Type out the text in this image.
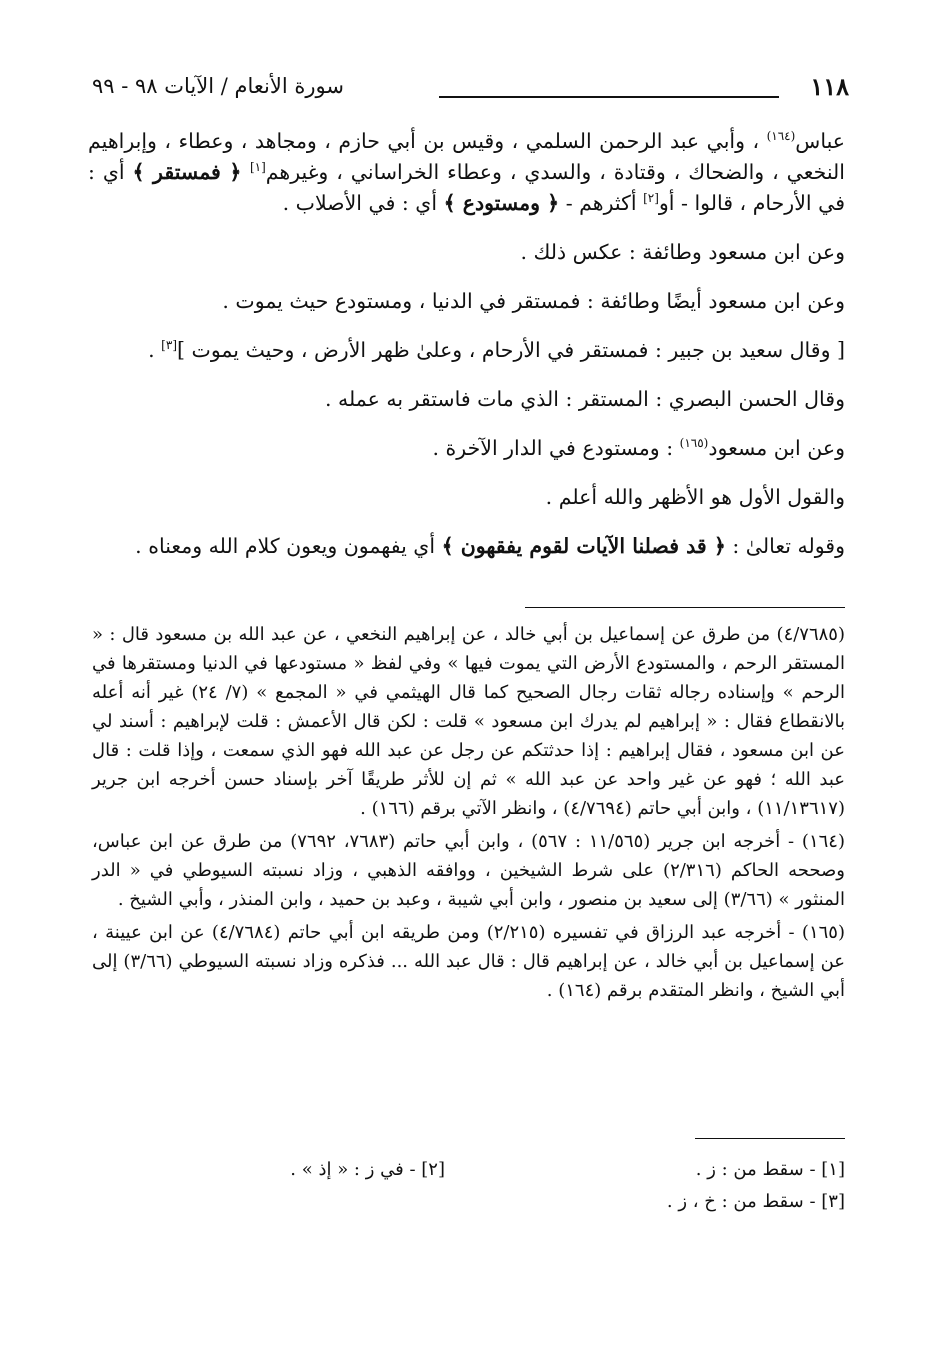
١١٨
سورة الأنعام / الآيات ٩٨ - ٩٩

عباس$^{(١٦٤)}$ ، وأبي عبد الرحمن السلمي ، وقيس بن أبي حازم ، ومجاهد ، وعطاء ، وإبراهيم النخعي ، والضحاك ، وقتادة ، والسدي ، وعطاء الخراساني ، وغيرهم[١] ﴿ فمستقر ﴾ أي : في الأرحام ، قالوا - أو[٢] أكثرهم - ﴿ ومستودع ﴾ أي : في الأصلاب .

وعن ابن مسعود وطائفة : عكس ذلك .

وعن ابن مسعود أيضًا وطائفة : فمستقر في الدنيا ، ومستودع حيث يموت .

[ وقال سعيد بن جبير : فمستقر في الأرحام ، وعلىٰ ظهر الأرض ، وحيث يموت ][٣] .

وقال الحسن البصري : المستقر : الذي مات فاستقر به عمله .

وعن ابن مسعود$^{(١٦٥)}$ : ومستودع في الدار الآخرة .

والقول الأول هو الأظهر والله أعلم .

وقوله تعالىٰ : ﴿ قد فصلنا الآيات لقوم يفقهون ﴾ أي يفهمون ويعون كلام الله ومعناه .

(٤/٧٦٨٥) من طرق عن إسماعيل بن أبي خالد ، عن إبراهيم النخعي ، عن عبد الله بن مسعود قال : « المستقر الرحم ، والمستودع الأرض التي يموت فيها » وفي لفظ « مستودعها في الدنيا ومستقرها في الرحم » وإسناده رجاله ثقات رجال الصحيح كما قال الهيثمي في « المجمع » (٧/ ٢٤) غير أنه أعله بالانقطاع فقال : « إبراهيم لم يدرك ابن مسعود » قلت : لكن قال الأعمش : قلت لإبراهيم : أسند لي عن ابن مسعود ، فقال إبراهيم : إذا حدثتكم عن رجل عن عبد الله فهو الذي سمعت ، وإذا قلت : قال عبد الله ؛ فهو عن غير واحد عن عبد الله » ثم إن للأثر طريقًا آخر بإسناد حسن أخرجه ابن جرير (١١/١٣٦١٧) ، وابن أبي حاتم (٤/٧٦٩٤) ، وانظر الآتي برقم (١٦٦) .

(١٦٤) - أخرجه ابن جرير (١١/٥٦٥ : ٥٦٧) ، وابن أبي حاتم (٧٦٨٣، ٧٦٩٢) من طرق عن ابن عباس، وصححه الحاكم (٢/٣١٦) على شرط الشيخين ، ووافقه الذهبي ، وزاد نسبته السيوطي في « الدر المنثور » (٣/٦٦) إلى سعيد بن منصور ، وابن أبي شيبة ، وعبد بن حميد ، وابن المنذر ، وأبي الشيخ .

(١٦٥) - أخرجه عبد الرزاق في تفسيره (٢/٢١٥) ومن طريقه ابن أبي حاتم (٤/٧٦٨٤) عن ابن عيينة ، عن إسماعيل بن أبي خالد ، عن إبراهيم قال : قال عبد الله ... فذكره وزاد نسبته السيوطي (٣/٦٦) إلى أبي الشيخ ، وانظر المتقدم برقم (١٦٤) .

[١] - سقط من : ز .
[٢] - في ز : « إذ » .
[٣] - سقط من : خ ، ز .
